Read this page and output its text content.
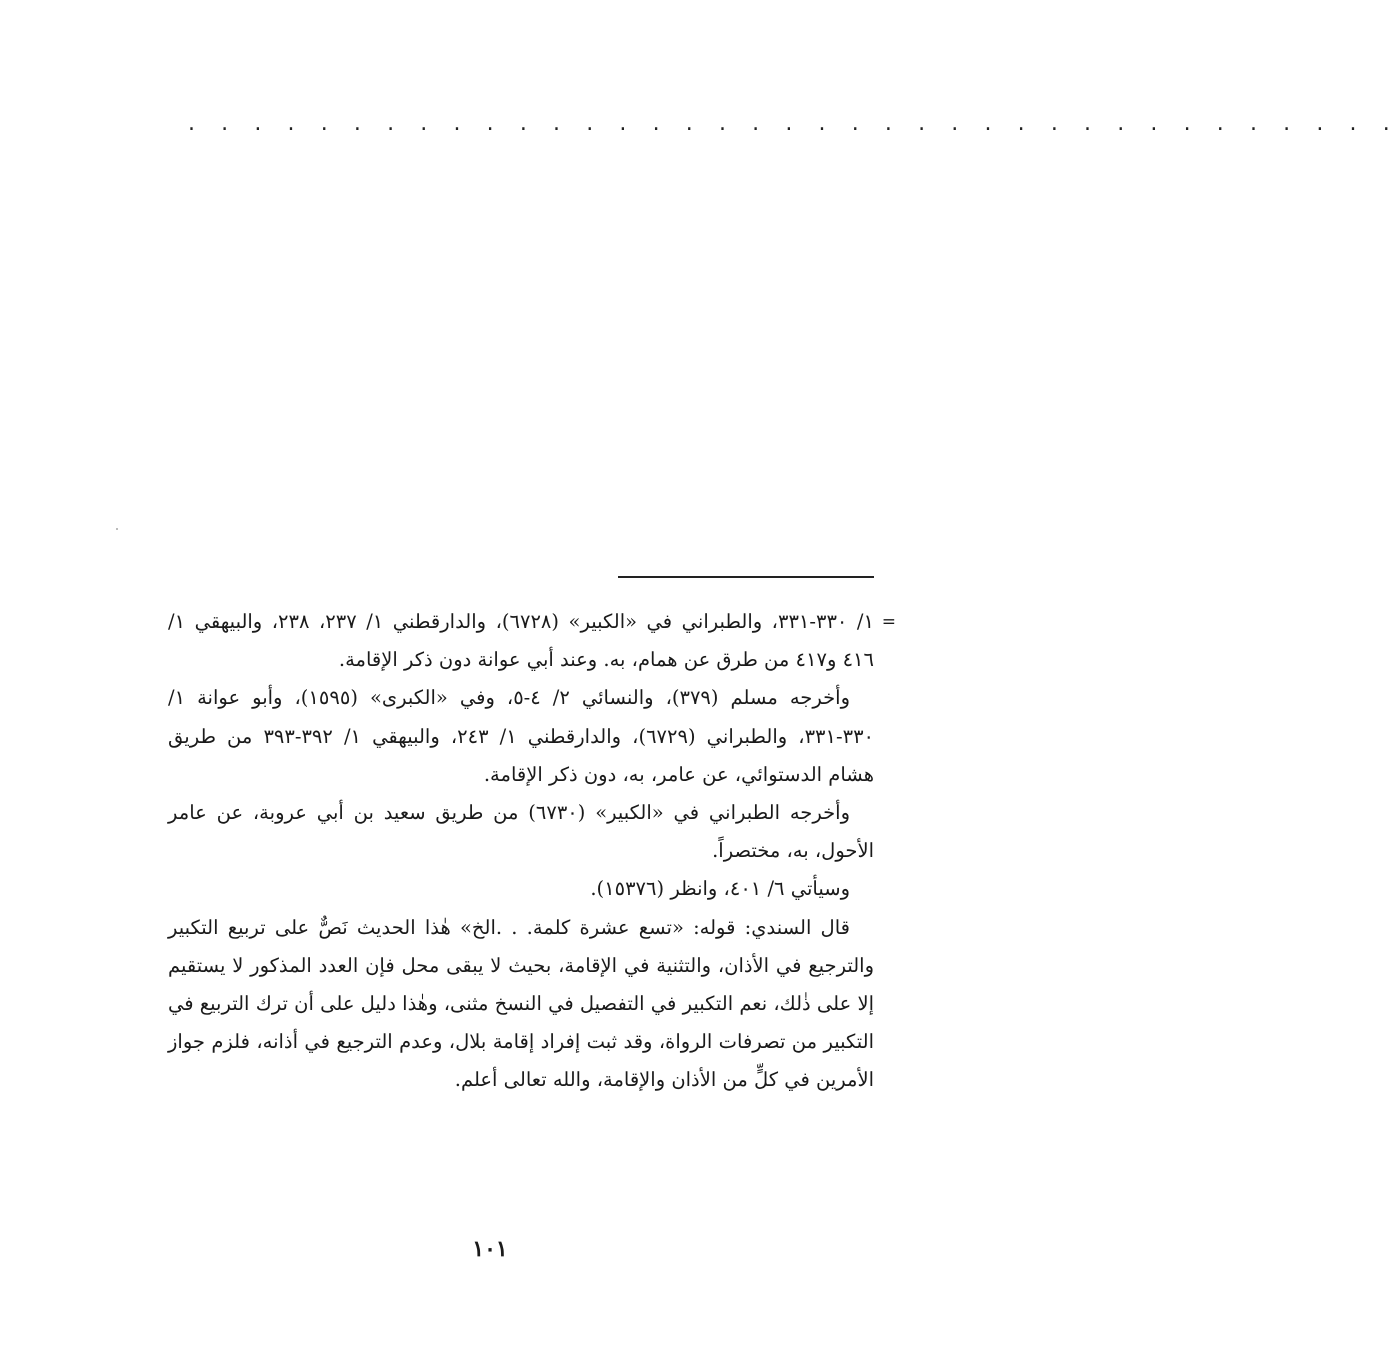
. . . . . . . . . . . . . . . . . . . . . . . . . . . . . . . . . . . . .

=
١/ ٣٣٠-٣٣١، والطبراني في «الكبير» (٦٧٢٨)، والدارقطني ١/ ٢٣٧، ٢٣٨، والبيهقي ١/ ٤١٦ و٤١٧ من طرق عن همام، به. وعند أبي عوانة دون ذكر الإقامة.

وأخرجه مسلم (٣٧٩)، والنسائي ٢/ ٤-٥، وفي «الكبرى» (١٥٩٥)، وأبو عوانة ١/ ٣٣٠-٣٣١، والطبراني (٦٧٢٩)، والدارقطني ١/ ٢٤٣، والبيهقي ١/ ٣٩٢-٣٩٣ من طريق هشام الدستوائي، عن عامر، به، دون ذكر الإقامة.

وأخرجه الطبراني في «الكبير» (٦٧٣٠) من طريق سعيد بن أبي عروبة، عن عامر الأحول، به، مختصراً.

وسيأتي ٦/ ٤٠١، وانظر (١٥٣٧٦).

قال السندي: قوله: «تسع عشرة كلمة. . .الخ» هٰذا الحديث نَصٌّ على تربيع التكبير والترجيع في الأذان، والتثنية في الإقامة، بحيث لا يبقى محل فإن العدد المذكور لا يستقيم إلا على ذٰلك، نعم التكبير في التفصيل في النسخ مثنى، وهٰذا دليل على أن ترك التربيع في التكبير من تصرفات الرواة، وقد ثبت إفراد إقامة بلال، وعدم الترجيع في أذانه، فلزم جواز الأمرين في كلٍّ من الأذان والإقامة، والله تعالى أعلم.

١٠١
